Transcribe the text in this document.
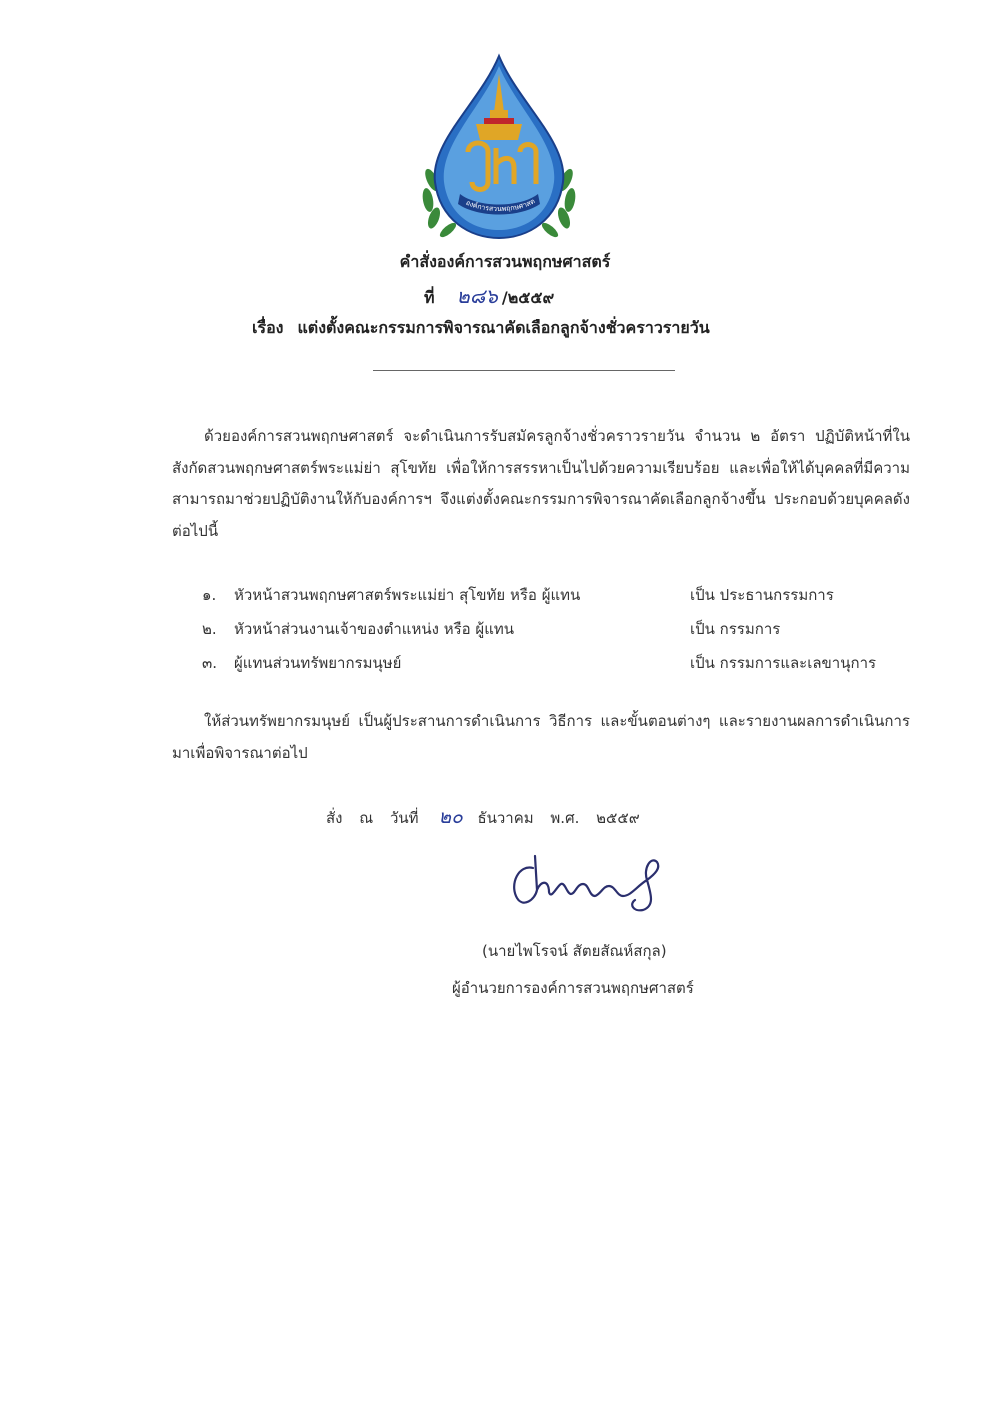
องค์การสวนพฤกษศาสต
คำสั่งองค์การสวนพฤกษศาสตร์
ที่ ๒๘๖ /๒๕๕๙
เรื่อง แต่งตั้งคณะกรรมการพิจารณาคัดเลือกลูกจ้างชั่วคราวรายวัน
ด้วยองค์การสวนพฤกษศาสตร์ จะดำเนินการรับสมัครลูกจ้างชั่วคราวรายวัน จำนวน ๒ อัตรา ปฏิบัติหน้าที่ในสังกัดสวนพฤกษศาสตร์พระแม่ย่า สุโขทัย เพื่อให้การสรรหาเป็นไปด้วยความเรียบร้อย และเพื่อให้ได้บุคคลที่มีความสามารถมาช่วยปฏิบัติงานให้กับองค์การฯ จึงแต่งตั้งคณะกรรมการพิจารณาคัดเลือกลูกจ้างขึ้น ประกอบด้วยบุคคลดังต่อไปนี้
๑.	หัวหน้าสวนพฤกษศาสตร์พระแม่ย่า สุโขทัย หรือ ผู้แทน	เป็น ประธานกรรมการ
๒.	หัวหน้าส่วนงานเจ้าของตำแหน่ง หรือ ผู้แทน	เป็น กรรมการ
๓.	ผู้แทนส่วนทรัพยากรมนุษย์	เป็น กรรมการและเลขานุการ
ให้ส่วนทรัพยากรมนุษย์ เป็นผู้ประสานการดำเนินการ วิธีการ และขั้นตอนต่างๆ และรายงานผลการดำเนินการมาเพื่อพิจารณาต่อไป
สั่ง ณ วันที่ ๒๐ ธันวาคม พ.ศ. ๒๕๕๙
(นายไพโรจน์ สัตยสัณห์สกุล)
ผู้อำนวยการองค์การสวนพฤกษศาสตร์
